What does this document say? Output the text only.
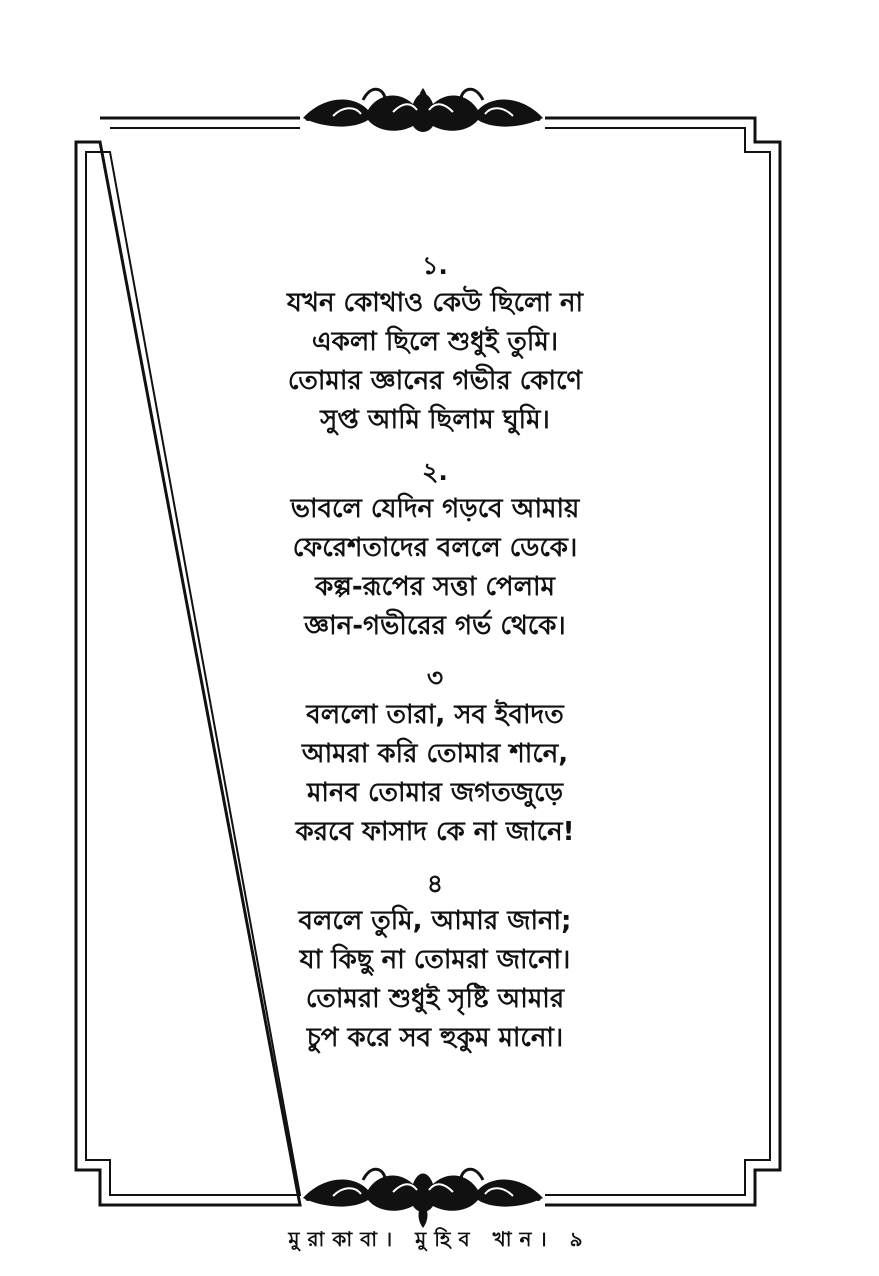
১.
যখন কোথাও কেউ ছিলো না
একলা ছিলে শুধুই তুমি।
তোমার জ্ঞানের গভীর কোণে
সুপ্ত আমি ছিলাম ঘুমি।
২.
ভাবলে যেদিন গড়বে আমায়
ফেরেশতাদের বললে ডেকে।
কল্প-রূপের সত্তা পেলাম
জ্ঞান-গভীরের গর্ভ থেকে।
৩
বললো তারা, সব ইবাদত
আমরা করি তোমার শানে,
মানব তোমার জগতজুড়ে
করবে ফাসাদ কে না জানে!
৪
বললে তুমি, আমার জানা;
যা কিছু না তোমরা জানো।
তোমরা শুধুই সৃষ্টি আমার
চুপ করে সব হুকুম মানো।
মুরাকাবা। মুহিব খান। ৯
